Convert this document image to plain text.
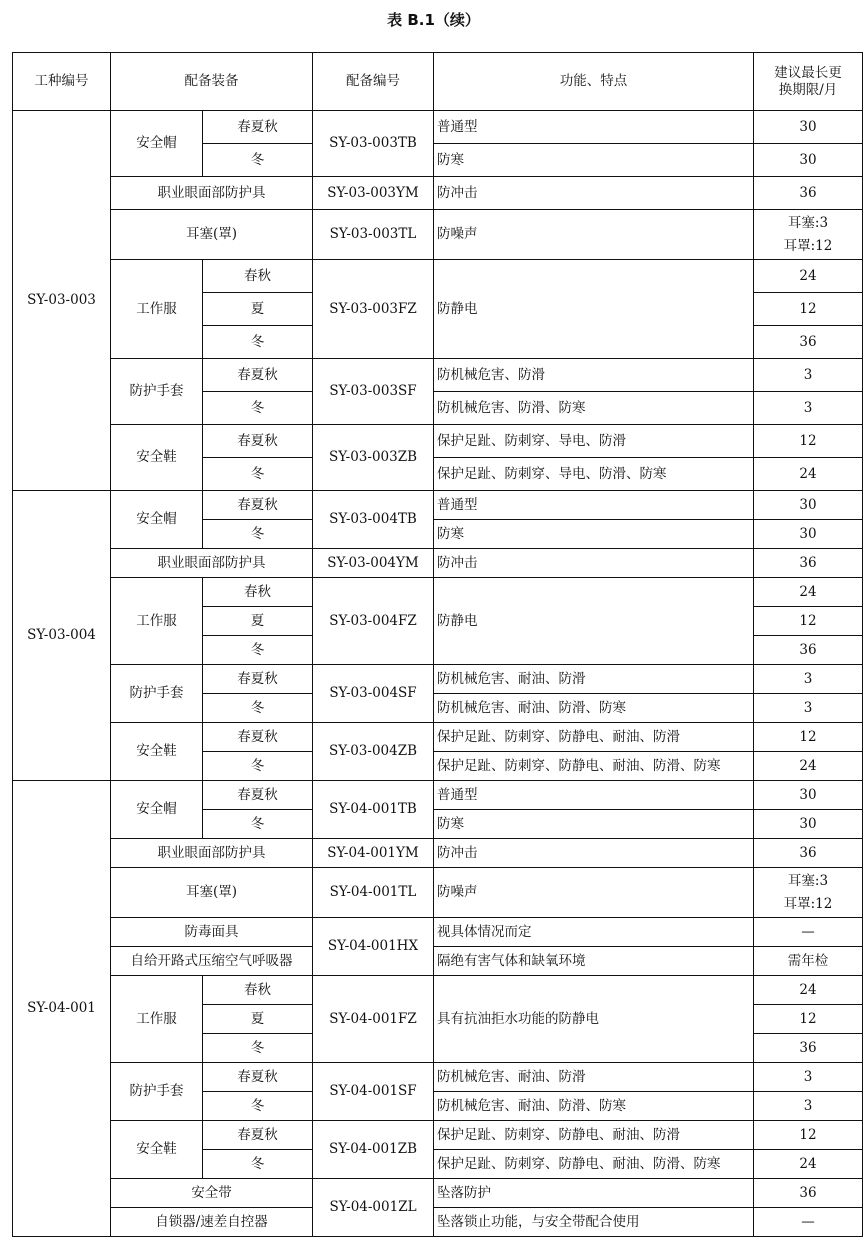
表 B.1（续）
工种编号	配备装备		配备编号	功能、特点	建议最长更
换期限/月
SY-03-003	安全帽	春夏秋	SY-03-003TB	普通型	30
		冬		防寒	30
	职业眼面部防护具		SY-03-003YM	防冲击	36
	耳塞(罩)		SY-03-003TL	防噪声	耳塞:3
耳罩:12
	工作服	春秋	SY-03-003FZ	防静电	24
		夏			12
		冬			36
	防护手套	春夏秋	SY-03-003SF	防机械危害、防滑	3
		冬		防机械危害、防滑、防寒	3
	安全鞋	春夏秋	SY-03-003ZB	保护足趾、防刺穿、导电、防滑	12
		冬		保护足趾、防刺穿、导电、防滑、防寒	24
SY-03-004	安全帽	春夏秋	SY-03-004TB	普通型	30
		冬		防寒	30
	职业眼面部防护具		SY-03-004YM	防冲击	36
	工作服	春秋	SY-03-004FZ	防静电	24
		夏			12
		冬			36
	防护手套	春夏秋	SY-03-004SF	防机械危害、耐油、防滑	3
		冬		防机械危害、耐油、防滑、防寒	3
	安全鞋	春夏秋	SY-03-004ZB	保护足趾、防刺穿、防静电、耐油、防滑	12
		冬		保护足趾、防刺穿、防静电、耐油、防滑、防寒	24
SY-04-001	安全帽	春夏秋	SY-04-001TB	普通型	30
		冬		防寒	30
	职业眼面部防护具		SY-04-001YM	防冲击	36
	耳塞(罩)		SY-04-001TL	防噪声	耳塞:3
耳罩:12
	防毒面具		SY-04-001HX	视具体情况而定	—
	自给开路式压缩空气呼吸器			隔绝有害气体和缺氧环境	需年检
	工作服	春秋	SY-04-001FZ	具有抗油拒水功能的防静电	24
		夏			12
		冬			36
	防护手套	春夏秋	SY-04-001SF	防机械危害、耐油、防滑	3
		冬		防机械危害、耐油、防滑、防寒	3
	安全鞋	春夏秋	SY-04-001ZB	保护足趾、防刺穿、防静电、耐油、防滑	12
		冬		保护足趾、防刺穿、防静电、耐油、防滑、防寒	24
	安全带		SY-04-001ZL	坠落防护	36
	自锁器/速差自控器			坠落锁止功能，与安全带配合使用	—
